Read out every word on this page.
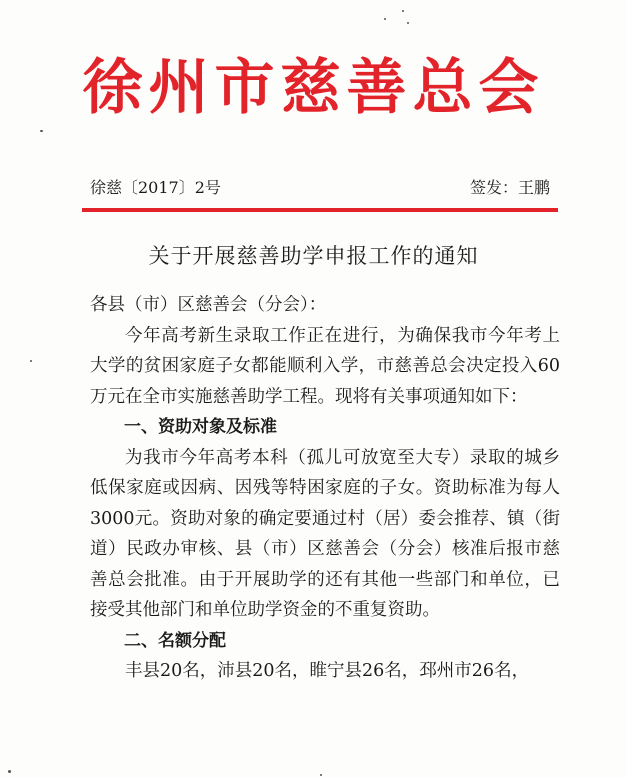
徐州市慈善总会
徐慈〔2017〕2号	签发：王鹏
关于开展慈善助学申报工作的通知

各县（市）区慈善会（分会）：

今年高考新生录取工作正在进行，为确保我市今年考上大学的贫困家庭子女都能顺利入学，市慈善总会决定投入60万元在全市实施慈善助学工程。现将有关事项通知如下：

一、资助对象及标准

为我市今年高考本科（孤儿可放宽至大专）录取的城乡低保家庭或因病、因残等特困家庭的子女。资助标准为每人3000元。资助对象的确定要通过村（居）委会推荐、镇（街道）民政办审核、县（市）区慈善会（分会）核准后报市慈善总会批准。由于开展助学的还有其他一些部门和单位，已接受其他部门和单位助学资金的不重复资助。

二、名额分配

丰县20名，沛县20名，睢宁县26名，邳州市26名，
